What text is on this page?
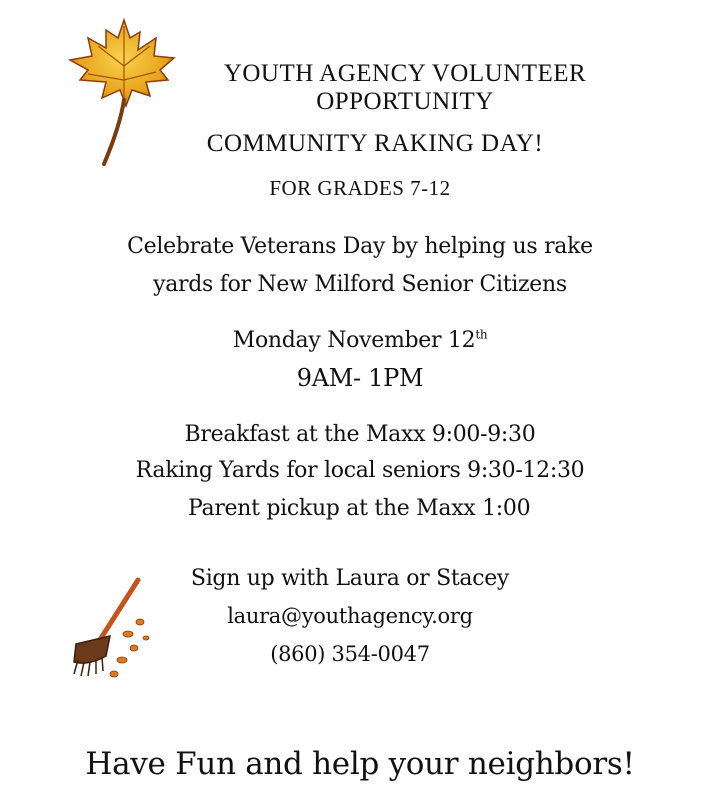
YOUTH AGENCY VOLUNTEER
OPPORTUNITY
COMMUNITY RAKING DAY!
FOR GRADES 7-12
Celebrate Veterans Day by helping us rake
yards for New Milford Senior Citizens
Monday November 12th
9AM- 1PM
Breakfast at the Maxx 9:00-9:30
Raking Yards for local seniors 9:30-12:30
Parent pickup at the Maxx 1:00
Sign up with Laura or Stacey
laura@youthagency.org
(860) 354-0047
Have Fun and help your neighbors!
